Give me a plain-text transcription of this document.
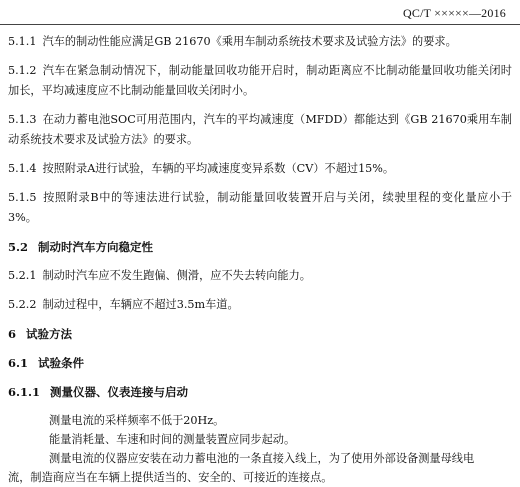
QC/T ×××××—2016

5.1.1 汽车的制动性能应满足GB 21670《乘用车制动系统技术要求及试验方法》的要求。

5.1.2 汽车在紧急制动情况下，制动能量回收功能开启时，制动距离应不比制动能量回收功能关闭时加长，平均减速度应不比制动能量回收关闭时小。

5.1.3 在动力蓄电池SOC可用范围内，汽车的平均减速度（MFDD）都能达到《GB 21670乘用车制动系统技术要求及试验方法》的要求。

5.1.4 按照附录A进行试验，车辆的平均减速度变异系数（CV）不超过15%。

5.1.5 按照附录B中的等速法进行试验，制动能量回收装置开启与关闭，续驶里程的变化量应小于3%。

5.2 制动时汽车方向稳定性

5.2.1 制动时汽车应不发生跑偏、侧滑，应不失去转向能力。

5.2.2 制动过程中，车辆应不超过3.5m车道。

6 试验方法

6.1 试验条件

6.1.1 测量仪器、仪表连接与启动

测量电流的采样频率不低于20Hz。

能量消耗量、车速和时间的测量装置应同步起动。

测量电流的仪器应安装在动力蓄电池的一条直接入线上，为了使用外部设备测量母线电

流，制造商应当在车辆上提供适当的、安全的、可接近的连接点。
